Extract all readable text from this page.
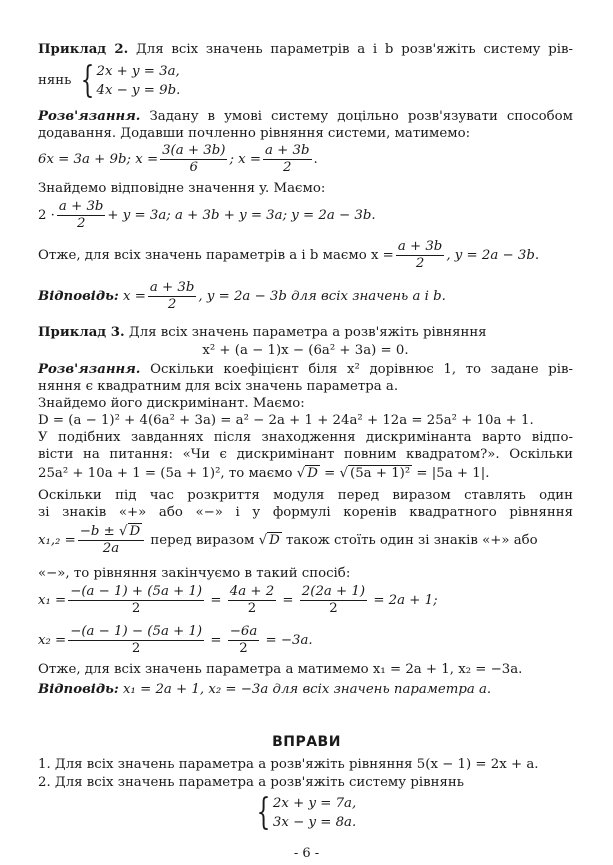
Приклад 2. Для всіх значень параметрів a і b розв'яжіть систему рів-
нянь { 2x + y = 3a,
4x − y = 9b.
Розв'язання. Задану в умові систему доцільно розв'язувати способом
додавання. Додавши почленно рівняння системи, матимемо:
6x = 3a + 9b; $x = \frac{3(a + 3b)}{6}$ ; $x = \frac{a + 3b}{2}$ .
Знайдемо відповідне значення y. Маємо:
$2 \cdot \frac{a + 3b}{2} + y = 3a$; a + 3b + y = 3a; y = 2a − 3b.
Отже, для всіх значень параметрів a і b маємо $x = \frac{a + 3b}{2}$ , y = 2a − 3b.
Відповідь: $x = \frac{a + 3b}{2}$ , y = 2a − 3b для всіх значень a і b.
Приклад 3. Для всіх значень параметра a розв'яжіть рівняння
x² + (a − 1)x − (6a² + 3a) = 0.
Розв'язання. Оскільки коефіцієнт біля x² дорівнює 1, то задане рів-
няння є квадратним для всіх значень параметра a.
Знайдемо його дискримінант. Маємо:
D = (a − 1)² + 4(6a² + 3a) = a² − 2a + 1 + 24a² + 12a = 25a² + 10a + 1.
У подібних завданнях після знаходження дискримінанта варто відпо-
вісти на питання: «Чи є дискримінант повним квадратом?». Оскільки
25a² + 10a + 1 = (5a + 1)², то маємо √ D = √ (5a + 1)² = |5a + 1|.
Оскільки під час розкриття модуля перед виразом ставлять один
зі знаків «+» або «−» і у формулі коренів квадратного рівняння
$x_1,_2 = \frac{-b \pm √ D}{2a}$ перед виразом √ D також стоїть один зі знаків «+» або
«−», то рівняння закінчуємо в такий спосіб:
$x_1 = \frac{-(a - 1) + (5a + 1)}{2} = \frac{4a + 2}{2} = \frac{2(2a + 1)}{2} = 2a + 1$;
$x_2 = \frac{-(a - 1) - (5a + 1)}{2} = \frac{-6a}{2} = -3a$.
Отже, для всіх значень параметра a матимемо x₁ = 2a + 1, x₂ = −3a.
Відповідь: x₁ = 2a + 1, x₂ = −3a для всіх значень параметра a.
ВПРАВИ
1. Для всіх значень параметра a розв'яжіть рівняння 5(x − 1) = 2x + a.
2. Для всіх значень параметра a розв'яжіть систему рівнянь
{ 2x + y = 7a,
3x − y = 8a.
- 6 -
